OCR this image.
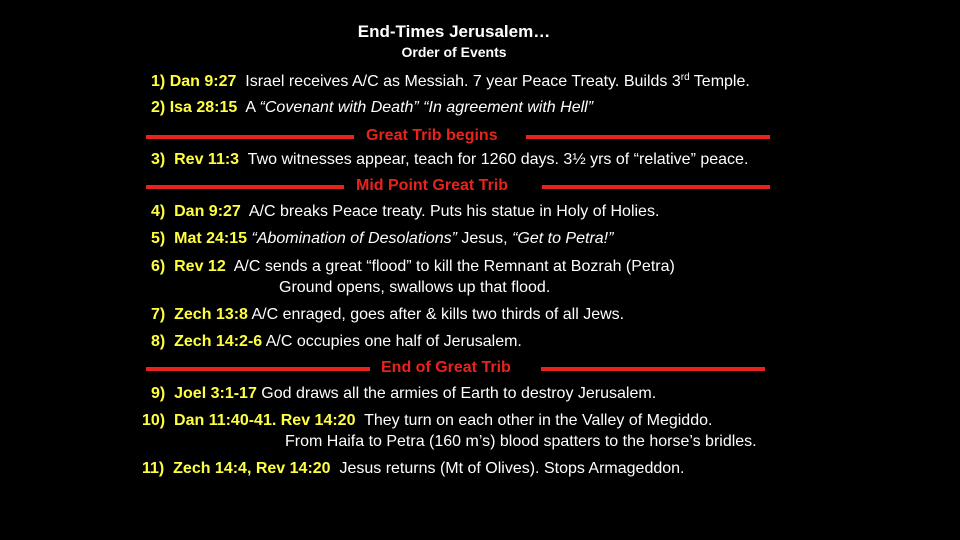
End-Times Jerusalem…
Order of Events
1) Dan 9:27 Israel receives A/C as Messiah. 7 year Peace Treaty. Builds 3rd Temple.
2) Isa 28:15 A “Covenant with Death” “In agreement with Hell”
Great Trib begins
3) Rev 11:3 Two witnesses appear, teach for 1260 days. 3½ yrs of “relative” peace.
Mid Point Great Trib
4) Dan 9:27 A/C breaks Peace treaty. Puts his statue in Holy of Holies.
5) Mat 24:15 “Abomination of Desolations” Jesus, “Get to Petra!”
6) Rev 12 A/C sends a great “flood” to kill the Remnant at Bozrah (Petra)
Ground opens, swallows up that flood.
7) Zech 13:8 A/C enraged, goes after & kills two thirds of all Jews.
8) Zech 14:2-6 A/C occupies one half of Jerusalem.
End of Great Trib
9) Joel 3:1-17 God draws all the armies of Earth to destroy Jerusalem.
10) Dan 11:40-41. Rev 14:20 They turn on each other in the Valley of Megiddo.
From Haifa to Petra (160 m’s) blood spatters to the horse’s bridles.
11) Zech 14:4, Rev 14:20 Jesus returns (Mt of Olives). Stops Armageddon.
